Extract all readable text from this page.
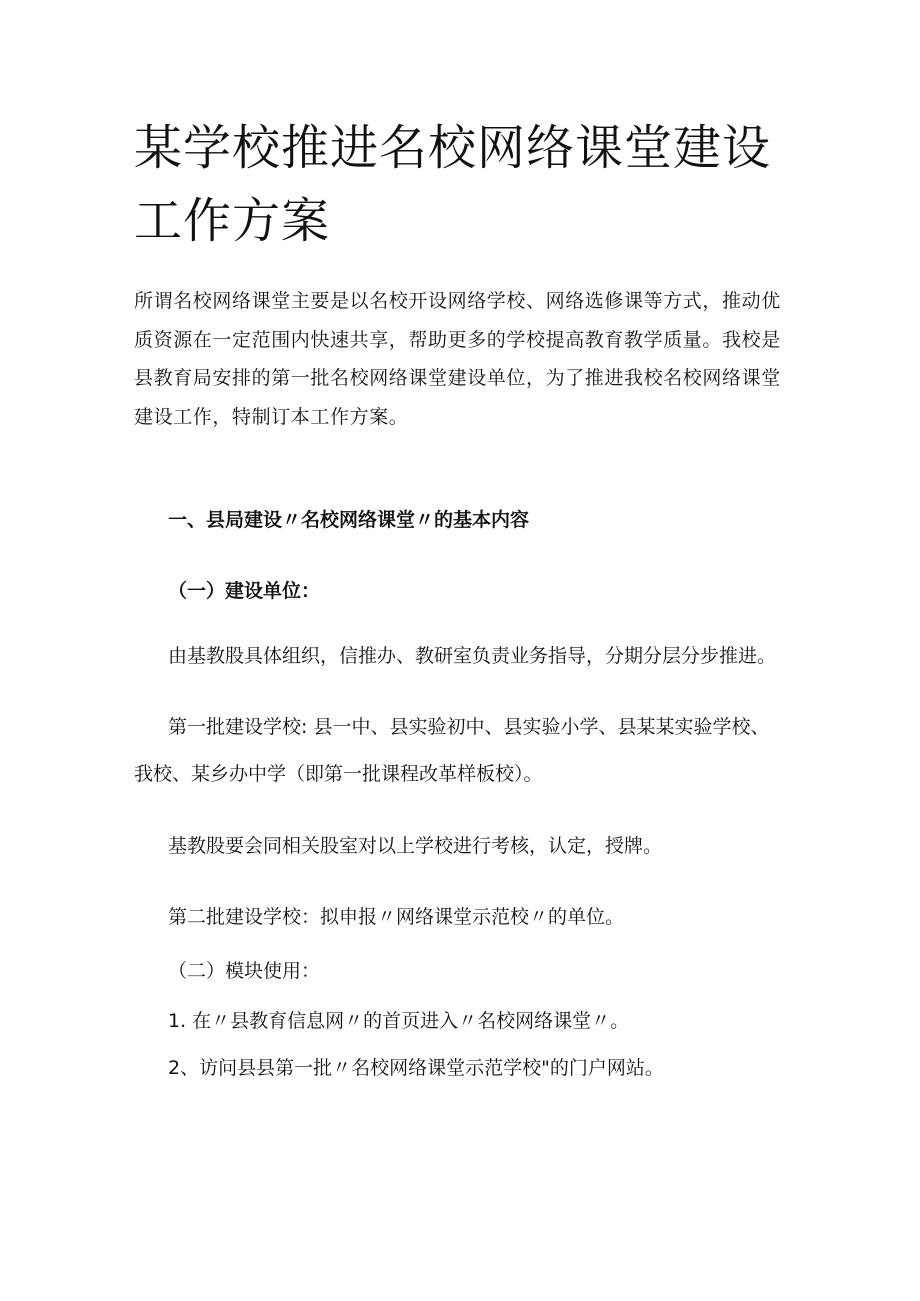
某学校推进名校网络课堂建设工作方案

所谓名校网络课堂主要是以名校开设网络学校、网络选修课等方式，推动优质资源在一定范围内快速共享，帮助更多的学校提高教育教学质量。我校是县教育局安排的第一批名校网络课堂建设单位，为了推进我校名校网络课堂建设工作，特制订本工作方案。

一、县局建设〃名校网络课堂〃的基本内容

（一）建设单位：

由基教股具体组织，信推办、教研室负责业务指导，分期分层分步推进。

第一批建设学校: 县一中、县实验初中、县实验小学、县某某实验学校、

我校、某乡办中学（即第一批课程改革样板校）。

基教股要会同相关股室对以上学校进行考核，认定，授牌。

第二批建设学校：拟申报〃网络课堂示范校〃的单位。

（二）模块使用：

1. 在〃县教育信息网〃的首页进入〃名校网络课堂〃。

2、访问县县第一批〃名校网络课堂示范学校"的门户网站。
